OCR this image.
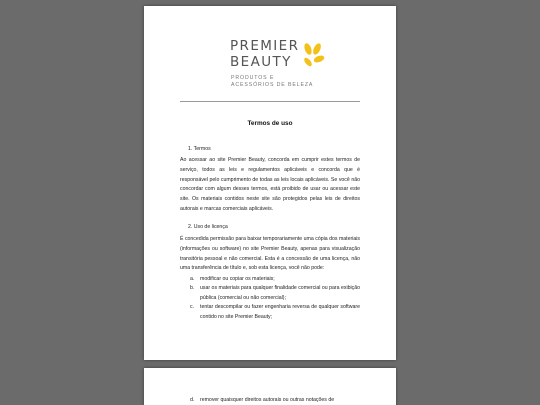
PREMIER
BEAUTY
PRODUTOS E
ACESSÓRIOS DE BELEZA
Termos de uso
1. Termos
Ao acessar ao site Premier Beauty, concorda em cumprir estes termos de serviço, todos as leis e regulamentos aplicáveis e concorda que é responsável pelo cumprimento de todas as leis locais aplicáveis. Se você não concordar com algum desses termos, está proibido de usar ou acessar este site. Os materiais contidos neste site são protegidos pelas leis de direitos autorais e marcas comerciais aplicáveis.
2. Uso de licença
É concedida permissão para baixar temporariamente uma cópia dos materiais (informações ou software) no site Premier Beauty, apenas para visualização transitória pessoal e não comercial. Esta é a concessão de uma licença, não uma transferência de título e, sob esta licença, você não pode:
a. modificar ou copiar os materiais;
b. usar os materiais para qualquer finalidade comercial ou para exibição pública (comercial ou não comercial);
c. tentar descompilar ou fazer engenharia reversa de qualquer software contido no site Premier Beauty;
d. remover quaisquer direitos autorais ou outras notações de
